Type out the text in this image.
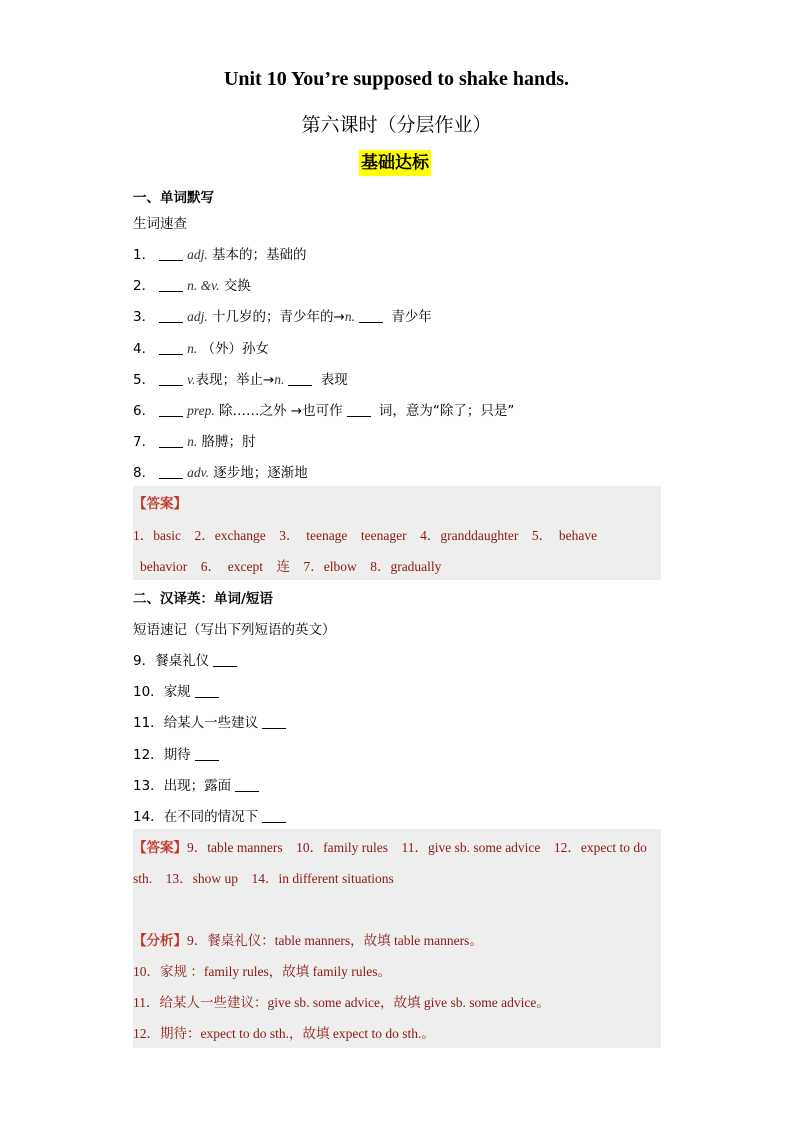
Unit 10 You’re supposed to shake hands.
第六课时（分层作业）
基础达标
一、单词默写
生词速查
1． adj. 基本的；基础的
2． n. &v. 交换
3． adj. 十几岁的；青少年的→n.	青少年
4． n. （外）孙女
5． v.表现；举止→n.	表现
6． prep. 除……之外 →也可作	词，意为“除了；只是”
7． n. 胳膊；肘
8． adv. 逐步地；逐渐地
【答案】
1．basic　2．exchange　3．　teenage　teenager　4．granddaughter　5．　behave
behavior　6．　except　连　7．elbow　8．gradually
二、汉译英：单词/短语
短语速记（写出下列短语的英文）
9．餐桌礼仪
10．家规
11．给某人一些建议
12．期待
13．出现；露面
14．在不同的情况下
【答案】9．table manners　10．family rules　11．give sb. some advice　12．expect to do
sth.　13．show up　14．in different situations
【分析】9．餐桌礼仪：table manners，故填 table manners。
10．家规 ：family rules，故填 family rules。
11．给某人一些建议：give sb. some advice，故填 give sb. some advice。
12．期待：expect to do sth.，故填 expect to do sth.。
